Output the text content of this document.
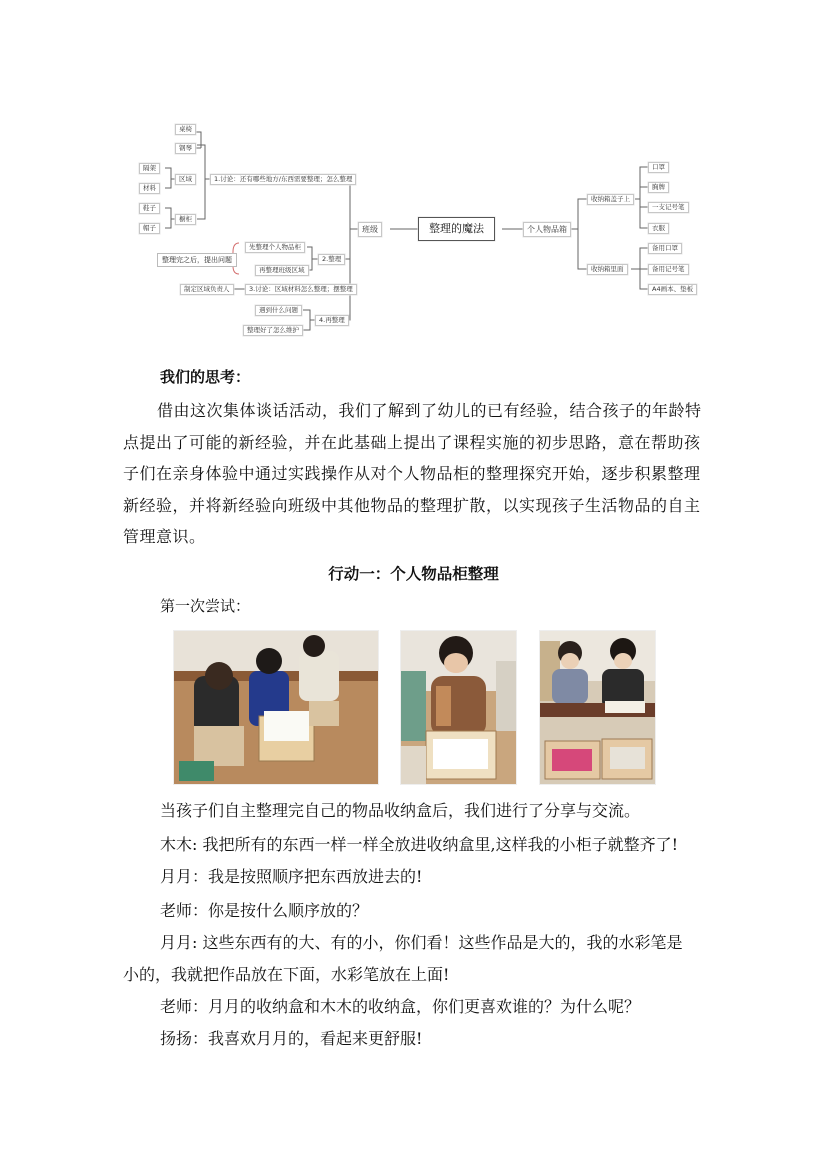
整理的魔法
班级	个人物品箱
1.讨论：还有哪些地方/东西需要整理；怎么整理
2.整理
3.讨论：区域材料怎么整理；摆整理
4.再整理
区域
橱柜
桌椅
钢琴
隔架
材料
鞋子
帽子
先整理个人物品柜
再整理班级区域
整理完之后，提出问题
制定区域负责人
遇到什么问题
整理好了怎么维护
收纳箱盖子上
收纳箱里面
口罩
胸牌
一支记号笔
衣服
备用口罩
备用记号笔
A4画本、垫板
我们的思考：
借由这次集体谈话活动，我们了解到了幼儿的已有经验，结合孩子的年龄特
点提出了可能的新经验，并在此基础上提出了课程实施的初步思路，意在帮助孩
子们在亲身体验中通过实践操作从对个人物品柜的整理探究开始，逐步积累整理
新经验，并将新经验向班级中其他物品的整理扩散，以实现孩子生活物品的自主
管理意识。
行动一：个人物品柜整理
第一次尝试：
当孩子们自主整理完自己的物品收纳盒后，我们进行了分享与交流。
木木: 我把所有的东西一样一样全放进收纳盒里,这样我的小柜子就整齐了!
月月：我是按照顺序把东西放进去的!
老师：你是按什么顺序放的？
月月: 这些东西有的大、有的小，你们看！这些作品是大的，我的水彩笔是
小的，我就把作品放在下面，水彩笔放在上面!
老师：月月的收纳盒和木木的收纳盒，你们更喜欢谁的？为什么呢？
扬扬：我喜欢月月的，看起来更舒服!
